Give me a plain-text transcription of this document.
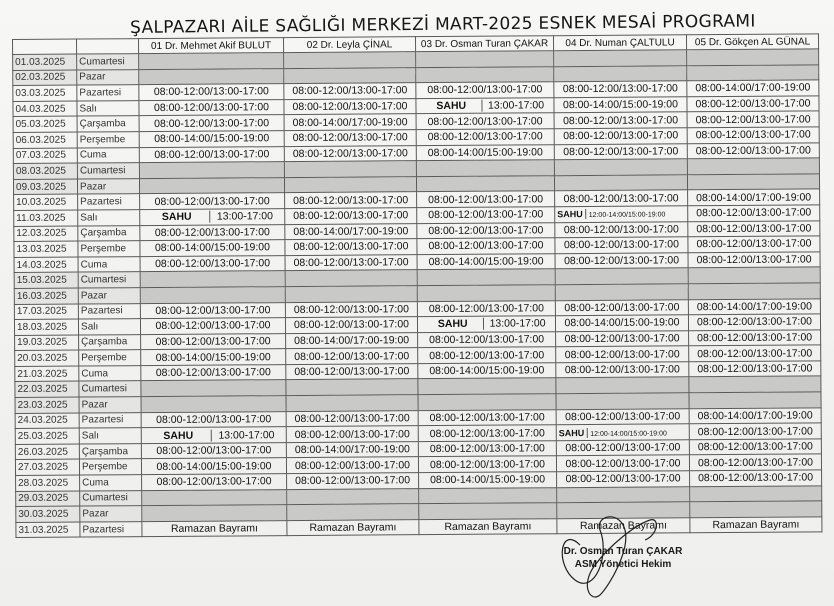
ŞALPAZARI AİLE SAĞLIĞI MERKEZİ MART-2025 ESNEK MESAİ PROGRAMI
		01 Dr. Mehmet Akif BULUT	02 Dr. Leyla ÇİNAL	03 Dr. Osman Turan ÇAKAR	04 Dr. Numan ÇALTULU	05 Dr. Gökçen AL GÜNAL
01.03.2025	Cumartesi					
02.03.2025	Pazar					
03.03.2025	Pazartesi	08:00-12:00/13:00-17:00	08:00-12:00/13:00-17:00	08:00-12:00/13:00-17:00	08:00-12:00/13:00-17:00	08:00-14:00/17:00-19:00
04.03.2025	Salı	08:00-12:00/13:00-17:00	08:00-12:00/13:00-17:00	SAHU 13:00-17:00	08:00-14:00/15:00-19:00	08:00-12:00/13:00-17:00
05.03.2025	Çarşamba	08:00-12:00/13:00-17:00	08:00-14:00/17:00-19:00	08:00-12:00/13:00-17:00	08:00-12:00/13:00-17:00	08:00-12:00/13:00-17:00
06.03.2025	Perşembe	08:00-14:00/15:00-19:00	08:00-12:00/13:00-17:00	08:00-12:00/13:00-17:00	08:00-12:00/13:00-17:00	08:00-12:00/13:00-17:00
07.03.2025	Cuma	08:00-12:00/13:00-17:00	08:00-12:00/13:00-17:00	08:00-14:00/15:00-19:00	08:00-12:00/13:00-17:00	08:00-12:00/13:00-17:00
08.03.2025	Cumartesi					
09.03.2025	Pazar					
10.03.2025	Pazartesi	08:00-12:00/13:00-17:00	08:00-12:00/13:00-17:00	08:00-12:00/13:00-17:00	08:00-12:00/13:00-17:00	08:00-14:00/17:00-19:00
11.03.2025	Salı	SAHU 13:00-17:00	08:00-12:00/13:00-17:00	08:00-12:00/13:00-17:00	SAHU 12:00-14:00/15:00-19:00	08:00-12:00/13:00-17:00
12.03.2025	Çarşamba	08:00-12:00/13:00-17:00	08:00-14:00/17:00-19:00	08:00-12:00/13:00-17:00	08:00-12:00/13:00-17:00	08:00-12:00/13:00-17:00
13.03.2025	Perşembe	08:00-14:00/15:00-19:00	08:00-12:00/13:00-17:00	08:00-12:00/13:00-17:00	08:00-12:00/13:00-17:00	08:00-12:00/13:00-17:00
14.03.2025	Cuma	08:00-12:00/13:00-17:00	08:00-12:00/13:00-17:00	08:00-14:00/15:00-19:00	08:00-12:00/13:00-17:00	08:00-12:00/13:00-17:00
15.03.2025	Cumartesi					
16.03.2025	Pazar					
17.03.2025	Pazartesi	08:00-12:00/13:00-17:00	08:00-12:00/13:00-17:00	08:00-12:00/13:00-17:00	08:00-12:00/13:00-17:00	08:00-14:00/17:00-19:00
18.03.2025	Salı	08:00-12:00/13:00-17:00	08:00-12:00/13:00-17:00	SAHU 13:00-17:00	08:00-14:00/15:00-19:00	08:00-12:00/13:00-17:00
19.03.2025	Çarşamba	08:00-12:00/13:00-17:00	08:00-14:00/17:00-19:00	08:00-12:00/13:00-17:00	08:00-12:00/13:00-17:00	08:00-12:00/13:00-17:00
20.03.2025	Perşembe	08:00-14:00/15:00-19:00	08:00-12:00/13:00-17:00	08:00-12:00/13:00-17:00	08:00-12:00/13:00-17:00	08:00-12:00/13:00-17:00
21.03.2025	Cuma	08:00-12:00/13:00-17:00	08:00-12:00/13:00-17:00	08:00-14:00/15:00-19:00	08:00-12:00/13:00-17:00	08:00-12:00/13:00-17:00
22.03.2025	Cumartesi					
23.03.2025	Pazar					
24.03.2025	Pazartesi	08:00-12:00/13:00-17:00	08:00-12:00/13:00-17:00	08:00-12:00/13:00-17:00	08:00-12:00/13:00-17:00	08:00-14:00/17:00-19:00
25.03.2025	Salı	SAHU 13:00-17:00	08:00-12:00/13:00-17:00	08:00-12:00/13:00-17:00	SAHU 12:00-14:00/15:00-19:00	08:00-12:00/13:00-17:00
26.03.2025	Çarşamba	08:00-12:00/13:00-17:00	08:00-14:00/17:00-19:00	08:00-12:00/13:00-17:00	08:00-12:00/13:00-17:00	08:00-12:00/13:00-17:00
27.03.2025	Perşembe	08:00-14:00/15:00-19:00	08:00-12:00/13:00-17:00	08:00-12:00/13:00-17:00	08:00-12:00/13:00-17:00	08:00-12:00/13:00-17:00
28.03.2025	Cuma	08:00-12:00/13:00-17:00	08:00-12:00/13:00-17:00	08:00-14:00/15:00-19:00	08:00-12:00/13:00-17:00	08:00-12:00/13:00-17:00
29.03.2025	Cumartesi					
30.03.2025	Pazar					
31.03.2025	Pazartesi	Ramazan Bayramı	Ramazan Bayramı	Ramazan Bayramı	Ramazan Bayramı	Ramazan Bayramı
Dr. Osman Turan ÇAKAR
ASM Yönetici Hekim
